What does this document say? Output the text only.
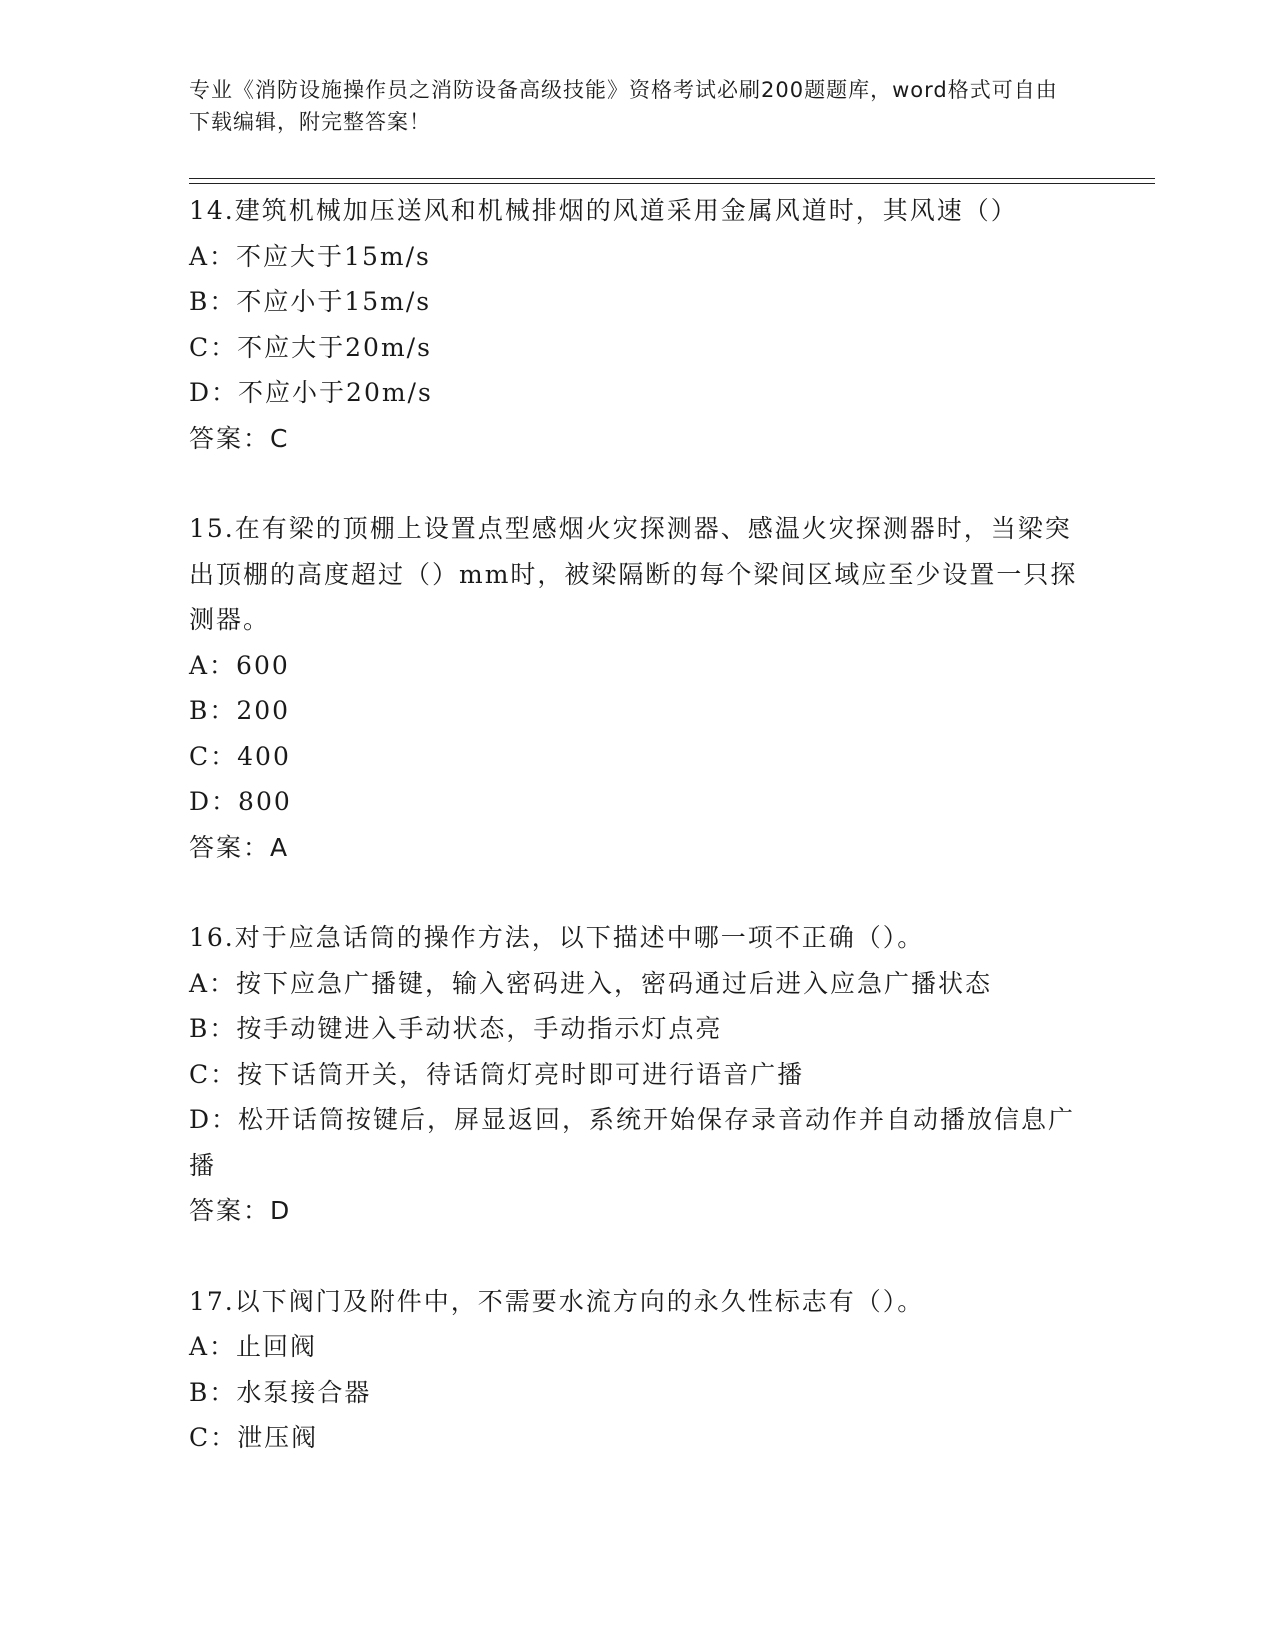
专业《消防设施操作员之消防设备高级技能》资格考试必刷200题题库，word格式可自由下载编辑，附完整答案！

14.建筑机械加压送风和机械排烟的风道采用金属风道时，其风速（）

A：不应大于15m/s

B：不应小于15m/s

C：不应大于20m/s

D：不应小于20m/s

答案：C

15.在有梁的顶棚上设置点型感烟火灾探测器、感温火灾探测器时，当梁突出顶棚的高度超过（）mm时，被梁隔断的每个梁间区域应至少设置一只探测器。

A：600

B：200

C：400

D：800

答案：A

16.对于应急话筒的操作方法，以下描述中哪一项不正确（）。

A：按下应急广播键，输入密码进入，密码通过后进入应急广播状态

B：按手动键进入手动状态，手动指示灯点亮

C：按下话筒开关，待话筒灯亮时即可进行语音广播

D：松开话筒按键后，屏显返回，系统开始保存录音动作并自动播放信息广播

答案：D

17.以下阀门及附件中，不需要水流方向的永久性标志有（）。

A：止回阀

B：水泵接合器

C：泄压阀
